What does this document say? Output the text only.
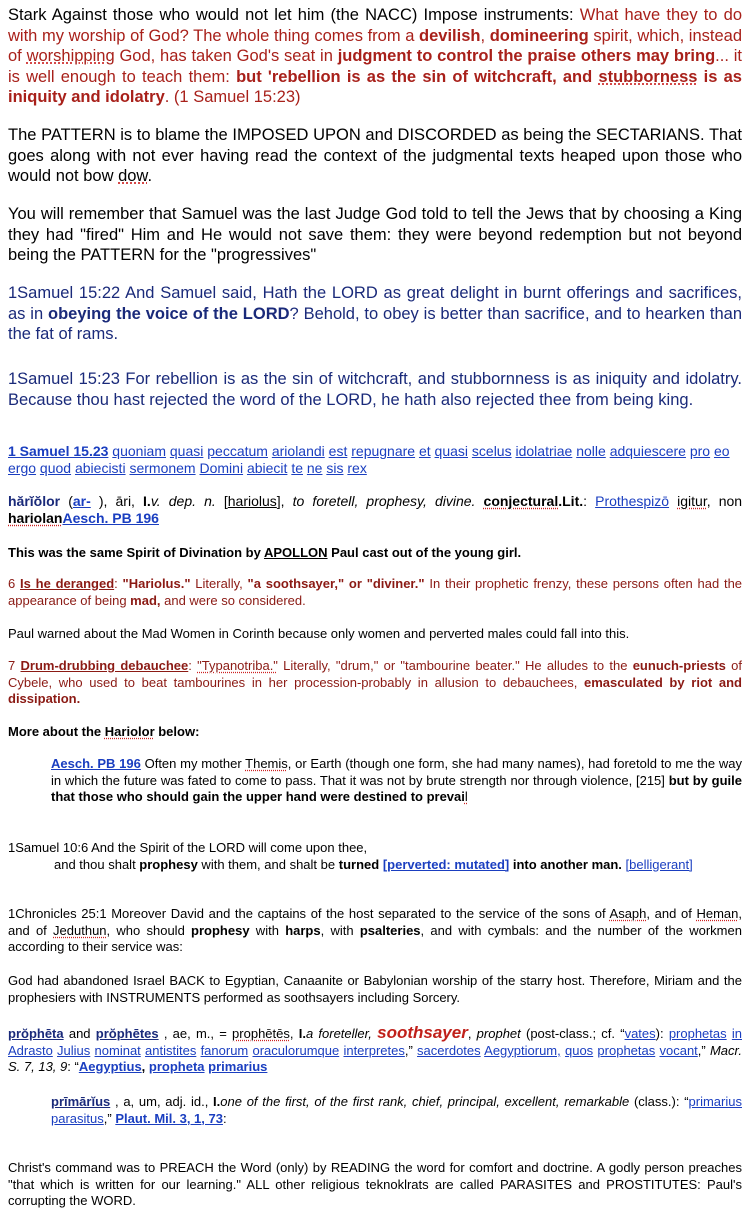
Stark Against those who would not let him (the NACC) Impose instruments: What have they to do with my worship of God? The whole thing comes from a devilish, domineering spirit, which, instead of worshipping God, has taken God's seat in judgment to control the praise others may bring... it is well enough to teach them: but 'rebellion is as the sin of witchcraft, and stubborness is as iniquity and idolatry. (1 Samuel 15:23)

The PATTERN is to blame the IMPOSED UPON and DISCORDED as being the SECTARIANS. That goes along with not ever having read the context of the judgmental texts heaped upon those who would not bow dow.

You will remember that Samuel was the last Judge God told to tell the Jews that by choosing a King they had "fired" Him and He would not save them: they were beyond redemption but not beyond being the PATTERN for the "progressives"

1Samuel 15:22 And Samuel said, Hath the LORD as great delight in burnt offerings and sacrifices, as in obeying the voice of the LORD? Behold, to obey is better than sacrifice, and to hearken than the fat of rams.

1Samuel 15:23 For rebellion is as the sin of witchcraft, and stubbornness is as iniquity and idolatry. Because thou hast rejected the word of the LORD, he hath also rejected thee from being king.

1 Samuel 15.23 quoniam quasi peccatum ariolandi est repugnare et quasi scelus idolatriae nolle adquiescere pro eo ergo quod abiecisti sermonem Domini abiecit te ne sis rex

hărĭŏlor (ar- ), āri, I.v. dep. n. [hariolus], to foretell, prophesy, divine. conjectural.Lit.: Prothespizō igitur, non hariolanAesch. PB 196

This was the same Spirit of Divination by APOLLON Paul cast out of the young girl.

6 Is he deranged: "Hariolus." Literally, "a soothsayer," or "diviner." In their prophetic frenzy, these persons often had the appearance of being mad, and were so considered.

Paul warned about the Mad Women in Corinth because only women and perverted males could fall into this.

7 Drum-drubbing debauchee: "Typanotriba." Literally, "drum," or "tambourine beater." He alludes to the eunuch-priests of Cybele, who used to beat tambourines in her procession-probably in allusion to debauchees, emasculated by riot and dissipation.

More about the Hariolor below:

Aesch. PB 196 Often my mother Themis, or Earth (though one form, she had many names), had foretold to me the way in which the future was fated to come to pass. That it was not by brute strength nor through violence, [215] but by guile that those who should gain the upper hand were destined to prevail

1Samuel 10:6 And the Spirit of the LORD will come upon thee,
and thou shalt prophesy with them, and shalt be turned [perverted: mutated] into another man. [belligerant]

1Chronicles 25:1 Moreover David and the captains of the host separated to the service of the sons of Asaph, and of Heman, and of Jeduthun, who should prophesy with harps, with psalteries, and with cymbals: and the number of the workmen according to their service was:

God had abandoned Israel BACK to Egyptian, Canaanite or Babylonian worship of the starry host. Therefore, Miriam and the prophesiers with INSTRUMENTS performed as soothsayers including Sorcery.

prŏphēta and prŏphētes , ae, m., = prophētēs, I.a foreteller, soothsayer, prophet (post-class.; cf. “vates): prophetas in Adrasto Julius nominat antistites fanorum oraculorumque interpretes,” sacerdotes Aegyptiorum, quos prophetas vocant,” Macr. S. 7, 13, 9: “Aegyptius, propheta primarius

prīmārĭus , a, um, adj. id., I.one of the first, of the first rank, chief, principal, excellent, remarkable (class.): “primarius parasitus,” Plaut. Mil. 3, 1, 73:

Christ's command was to PREACH the Word (only) by READING the word for comfort and doctrine. A godly person preaches "that which is written for our learning." ALL other religious teknoklrats are called PARASITES and PROSTITUTES: Paul's corrupting the WORD.
